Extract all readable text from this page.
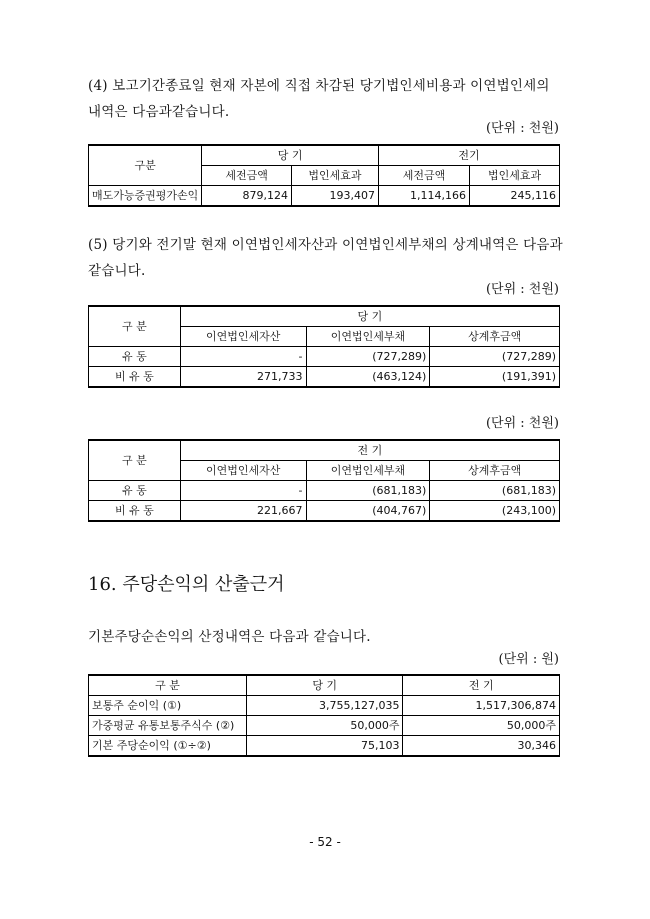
(4) 보고기간종료일 현재 자본에 직접 차감된 당기법인세비용과 이연법인세의 내역은 다음과같습니다.

(단위 : 천원)
구분	당 기		전기	
	세전금액	법인세효과	세전금액	법인세효과
매도가능증권평가손익	879,124	193,407	1,114,166	245,116

(5) 당기와 전기말 현재 이연법인세자산과 이연법인세부채의 상계내역은 다음과 같습니다.

(단위 : 천원)
구 분	당 기		
	이연법인세자산	이연법인세부채	상계후금액
유 동	-	(727,289)	(727,289)
비 유 동	271,733	(463,124)	(191,391)
(단위 : 천원)
구 분	전 기		
	이연법인세자산	이연법인세부채	상계후금액
유 동	-	(681,183)	(681,183)
비 유 동	221,667	(404,767)	(243,100)
16. 주당손익의 산출근거

기본주당순손익의 산정내역은 다음과 같습니다.

(단위 : 원)
구 분	당 기	전 기
보통주 순이익 (①)	3,755,127,035	1,517,306,874
가중평균 유통보통주식수 (②)	50,000주	50,000주
기본 주당순이익 (①÷②)	75,103	30,346
- 52 -
